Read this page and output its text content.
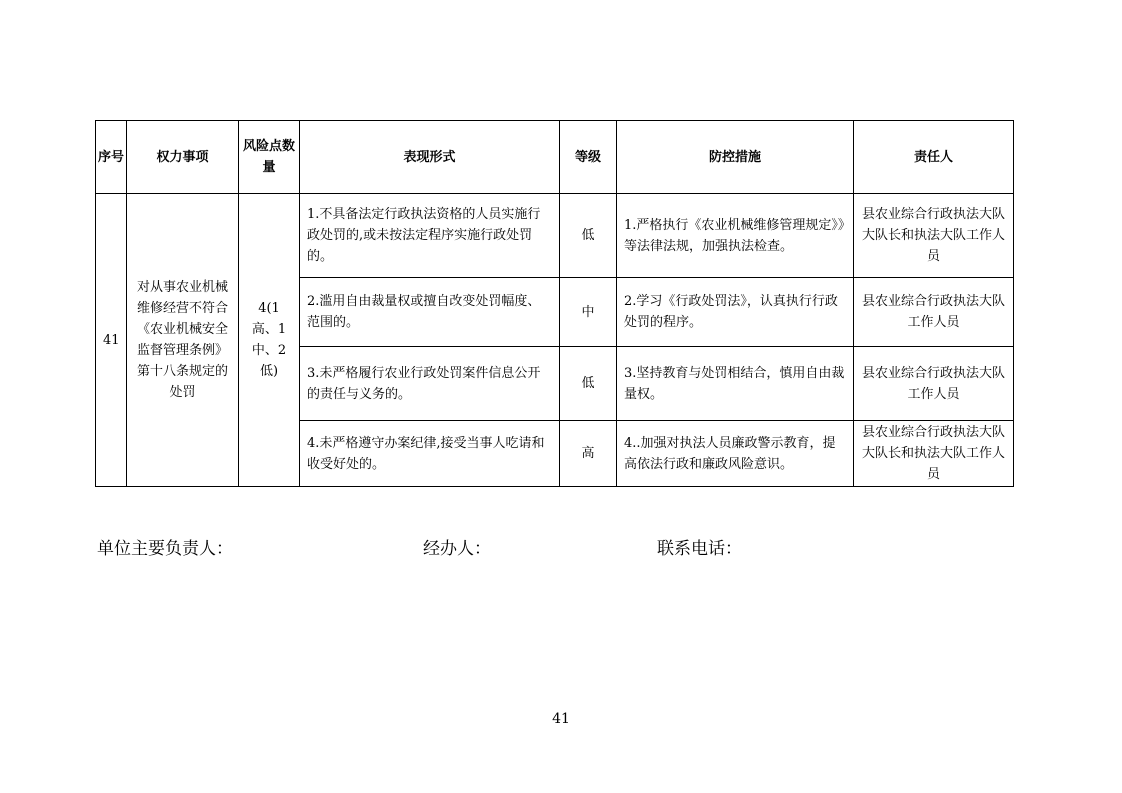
序号	权力事项	风险点数量	表现形式	等级	防控措施	责任人
41	对从事农业机械维修经营不符合《农业机械安全监督管理条例》第十八条规定的处罚	4(1高、1中、2低)	1.不具备法定行政执法资格的人员实施行政处罚的,或未按法定程序实施行政处罚的。	低	1.严格执行《农业机械维修管理规定》》等法律法规，加强执法检查。	县农业综合行政执法大队大队长和执法大队工作人员
			2.滥用自由裁量权或擅自改变处罚幅度、范围的。	中	2.学习《行政处罚法》，认真执行行政处罚的程序。	县农业综合行政执法大队工作人员
			3.未严格履行农业行政处罚案件信息公开的责任与义务的。	低	3.坚持教育与处罚相结合，慎用自由裁量权。	县农业综合行政执法大队工作人员
			4.未严格遵守办案纪律,接受当事人吃请和收受好处的。	高	4..加强对执法人员廉政警示教育，提高依法行政和廉政风险意识。	县农业综合行政执法大队大队长和执法大队工作人员
单位主要负责人：	经办人：	联系电话：
41
